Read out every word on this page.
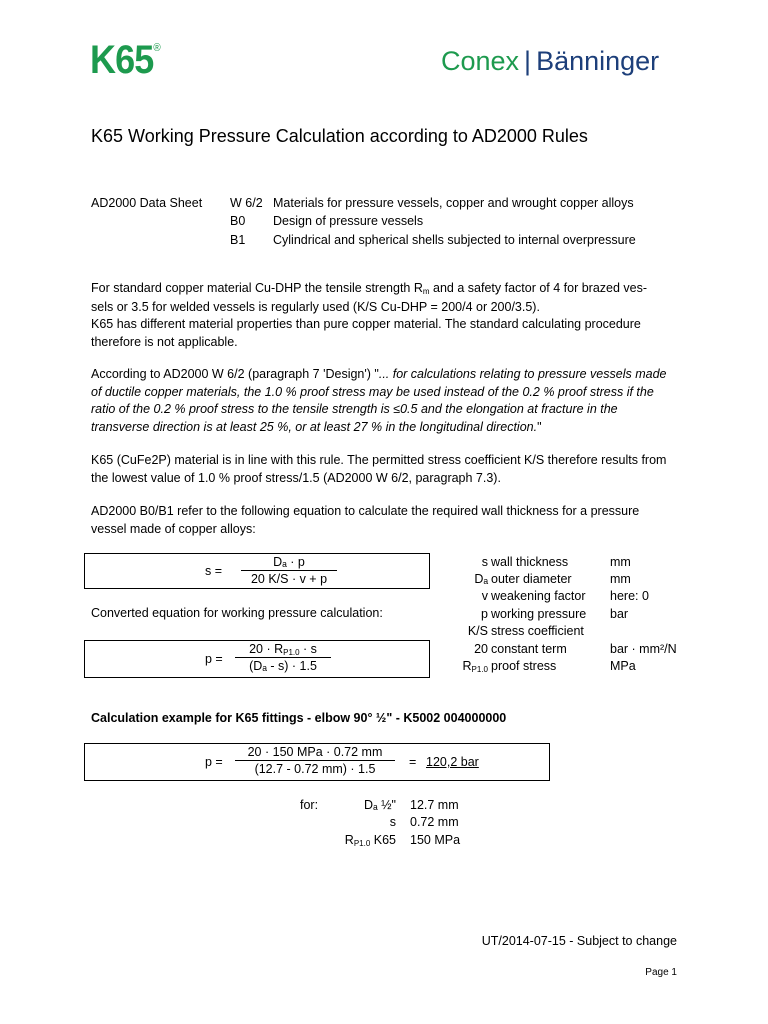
K65®	Conex | Bänninger
K65 Working Pressure Calculation according to AD2000 Rules
AD2000 Data Sheet W 6/2 Materials for pressure vessels, copper and wrought copper alloys
B0 Design of pressure vessels
B1 Cylindrical and spherical shells subjected to internal overpressure
For standard copper material Cu-DHP the tensile strength Rm and a safety factor of 4 for brazed ves-
sels or 3.5 for welded vessels is regularly used (K/S Cu-DHP = 200/4 or 200/3.5).
K65 has different material properties than pure copper material. The standard calculating procedure
therefore is not applicable.
According to AD2000 W 6/2 (paragraph 7 'Design') "... for calculations relating to pressure vessels made of ductile copper materials, the 1.0 % proof stress may be used instead of the 0.2 % proof stress if the ratio of the 0.2 % proof stress to the tensile strength is ≤0.5 and the elongation at fracture in the transverse direction is at least 25 %, or at least 27 % in the longitudinal direction."
K65 (CuFe2P) material is in line with this rule. The permitted stress coefficient K/S therefore results from the lowest value of 1.0 % proof stress/1.5 (AD2000 W 6/2, paragraph 7.3).
AD2000 B0/B1 refer to the following equation to calculate the required wall thickness for a pressure vessel made of copper alloys:
$s = \frac{\text{Dₐ · p}}{20 K/S \cdot v + p}$
Converted equation for working pressure calculation:
$p = \frac{20 \cdot RP1.0 \cdot s}{\text{(Dₐ - s) · 1.5}}$
s wall thickness	mm
Dₐ outer diameter	mm
v weakening factor here: 0
p working pressure bar
K/S stress coefficient
20 constant term	bar · mm²/N
RP1.0 proof stress	MPa
Calculation example for K65 fittings - elbow 90° ½" - K5002 004000000
p =
20 · 150 MPa · 0.72 mm
(12.7 - 0.72 mm) · 1.5	= 120,2 bar
for:	Dₐ ½" 12.7 mm
s 0.72 mm
RP1.0 K65 150 MPa
UT/2014-07-15 - Subject to change
Page 1
